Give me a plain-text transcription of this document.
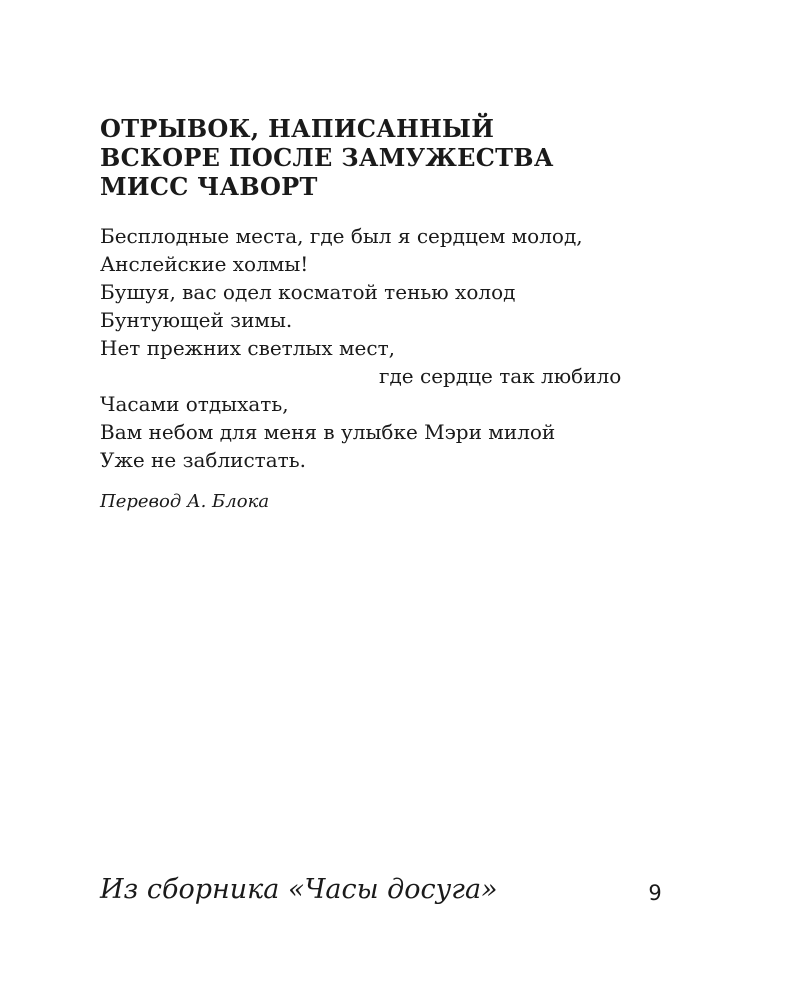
ОТРЫВОК, НАПИСАННЫЙ
ВСКОРЕ ПОСЛЕ ЗАМУЖЕСТВА
МИСС ЧАВОРТ
Бесплодные места, где был я сердцем молод,
Анслейские холмы!
Бушуя, вас одел косматой тенью холод
Бунтующей зимы.
Нет прежних светлых мест,
где сердце так любило
Часами отдыхать,
Вам небом для меня в улыбке Мэри милой
Уже не заблистать.
Перевод А. Блока
Из сборника «Часы досуга»	9
